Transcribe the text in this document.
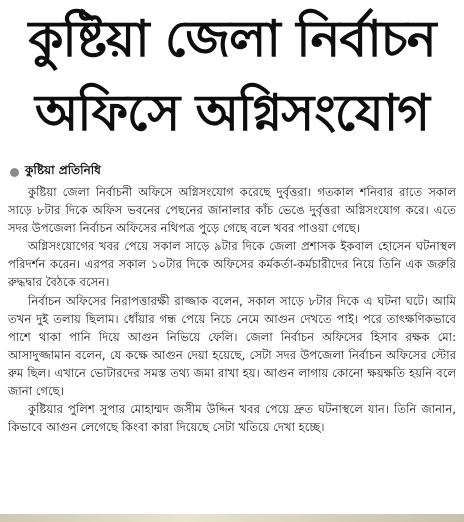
কুষ্টিয়া জেলা নির্বাচন
অফিসে অগ্নিসংযোগ
কুষ্টিয়া প্রতিনিধি

কুষ্টিয়া জেলা নির্বাচনী অফিসে অগ্নিসংযোগ করেছে দুর্বৃত্তরা। গতকাল শনিবার রাতে সকাল সাড়ে ৮টার দিকে অফিস ভবনের পেছনের জানালার কাঁচ ভেঙে দুর্বৃত্তরা অগ্নিসংযোগ করে। এতে সদর উপজেলা নির্বাচন অফিসের নথিপত্র পুড়ে গেছে বলে খবর পাওয়া গেছে।

অগ্নিসংযোগের খবর পেয়ে সকাল সাড়ে ৯টার দিকে জেলা প্রশাসক ইকবাল হোসেন ঘটনাস্থল পরিদর্শন করেন। এরপর সকাল ১০টার দিকে অফিসের কর্মকর্তা-কর্মচারীদের নিয়ে তিনি এক জরুরি রুদ্ধদ্বার বৈঠকে বসেন।

নির্বাচন অফিসের নিরাপত্তারক্ষী রাজ্জাক বলেন, সকাল সাড়ে ৮টার দিকে এ ঘটনা ঘটে। আমি তখন দুই তলায় ছিলাম। ধোঁয়ার গন্ধ পেয়ে নিচে নেমে আগুন দেখতে পাই। পরে তাৎক্ষণিকভাবে পাশে থাকা পানি দিয়ে আগুন নিভিয়ে ফেলি। জেলা নির্বাচন অফিসের হিসাব রক্ষক মো: আসাদুজ্জামান বলেন, যে কক্ষে আগুন দেয়া হয়েছে, সেটা সদর উপজেলা নির্বাচন অফিসের স্টোর রুম ছিল। এখানে ভোটারদের সমস্ত তথ্য জমা রাখা হয়। আগুন লাগায় কোনো ক্ষয়ক্ষতি হয়নি বলে জানা গেছে।

কুষ্টিয়ার পুলিশ সুপার মোহাম্মদ জসীম উদ্দিন খবর পেয়ে দ্রুত ঘটনাস্থলে যান। তিনি জানান, কিভাবে আগুন লেগেছে কিংবা কারা দিয়েছে সেটা খতিয়ে দেখা হচ্ছে।
